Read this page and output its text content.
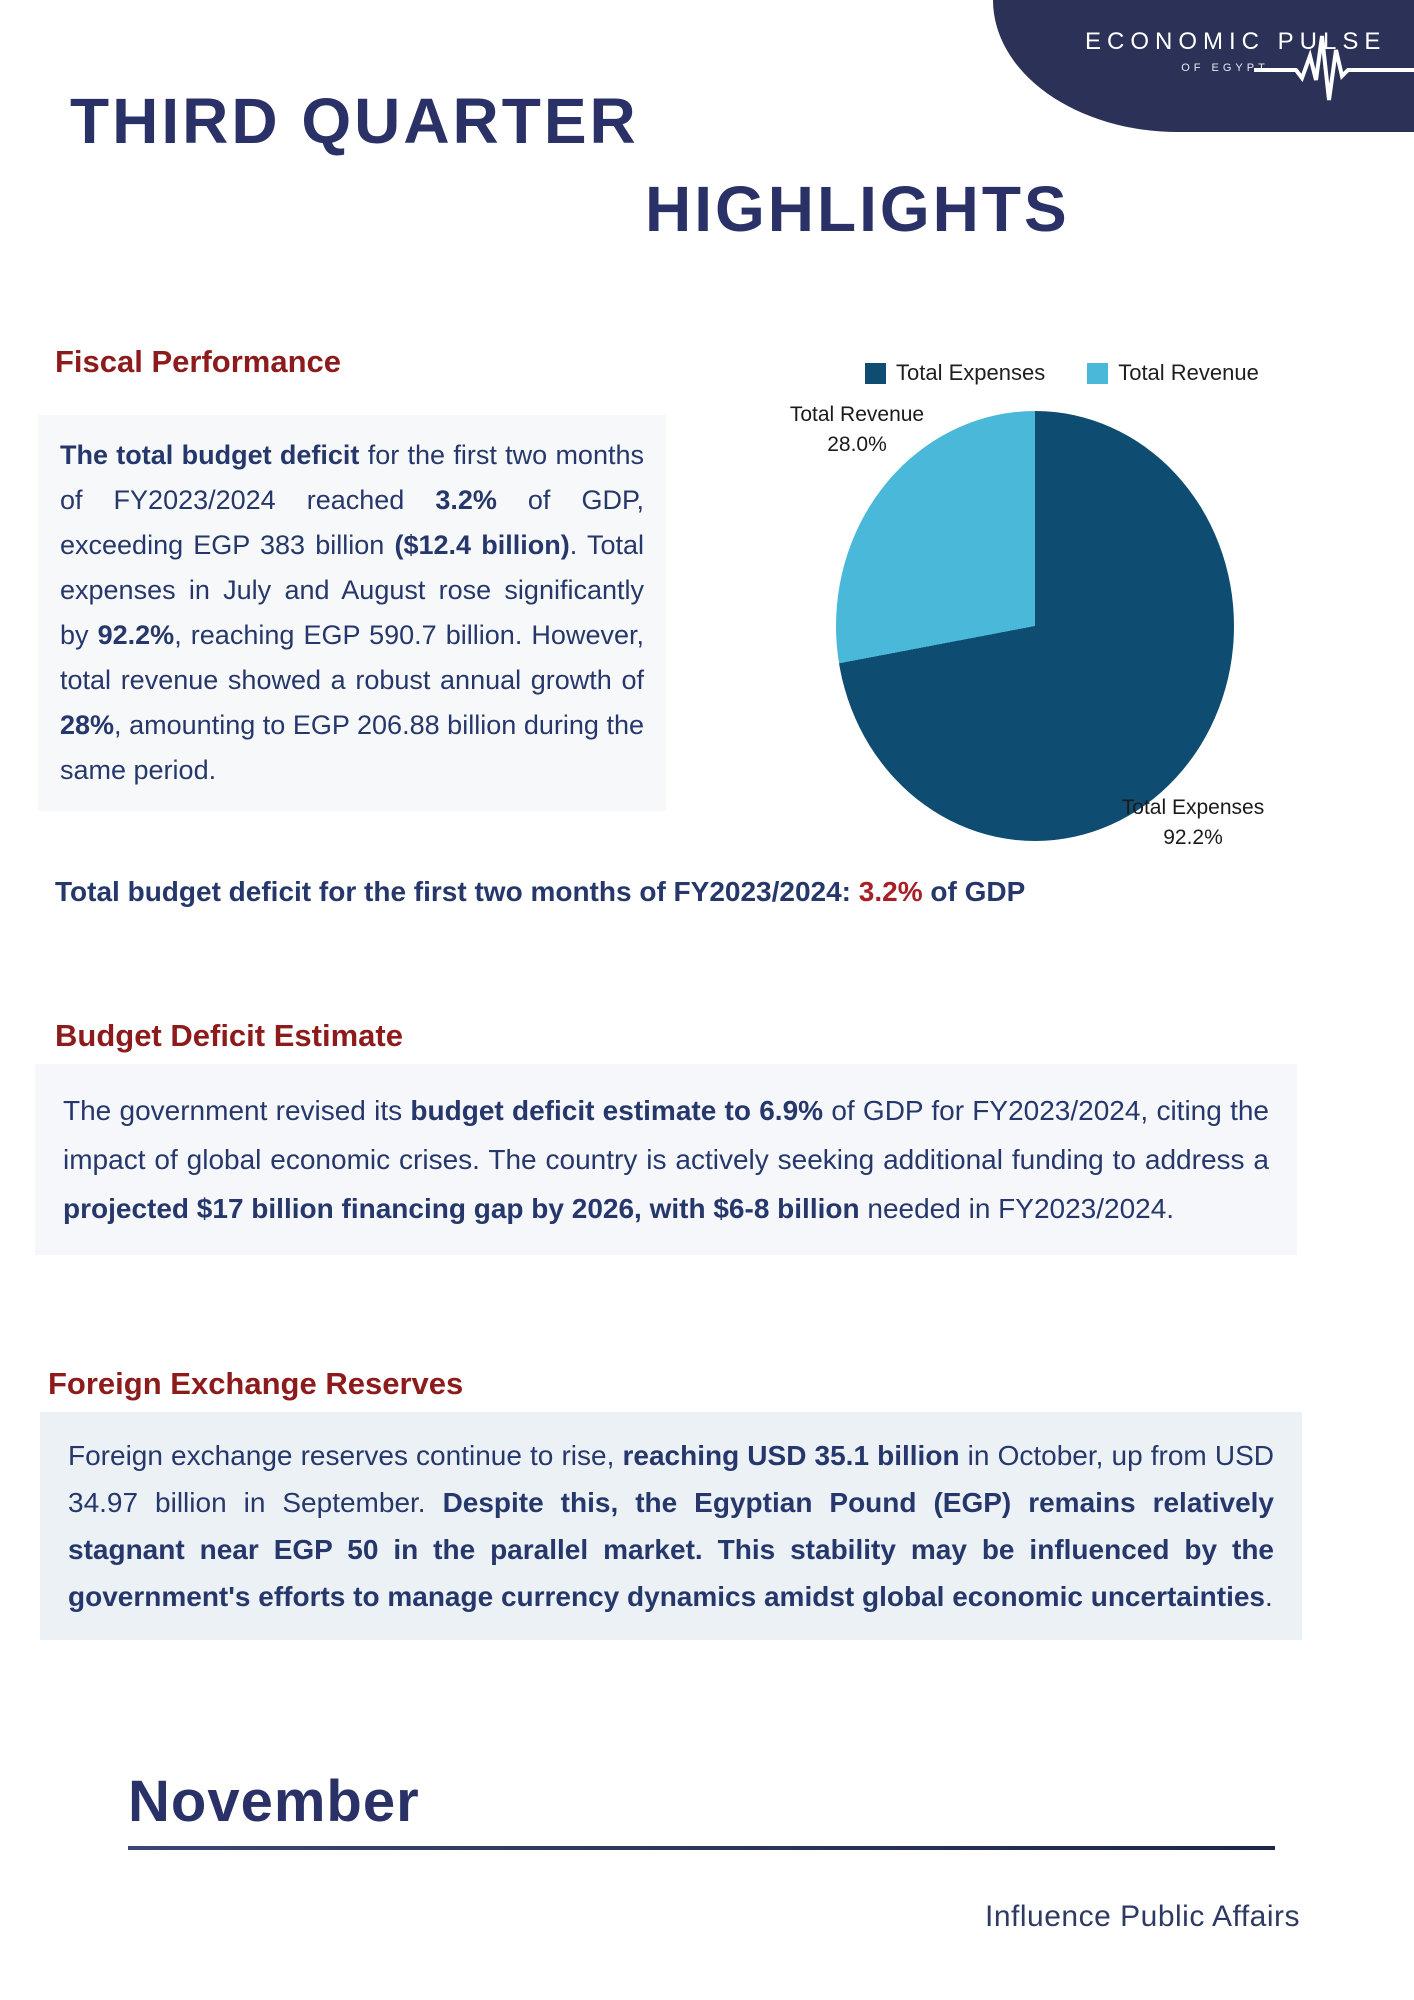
ECONOMIC PULSE
OF EGYPT
THIRD QUARTER
HIGHLIGHTS
Fiscal Performance
The total budget deficit for the first two months of FY2023/2024 reached 3.2% of GDP, exceeding EGP 383 billion ($12.4 billion). Total expenses in July and August rose significantly by 92.2%, reaching EGP 590.7 billion. However, total revenue showed a robust annual growth of 28%, amounting to EGP 206.88 billion during the same period.
Total Expenses	Total Revenue
Total Revenue
28.0%
Total Expenses
92.2%
Total budget deficit for the first two months of FY2023/2024: 3.2% of GDP
Budget Deficit Estimate
The government revised its budget deficit estimate to 6.9% of GDP for FY2023/2024, citing the impact of global economic crises. The country is actively seeking additional funding to address a projected $17 billion financing gap by 2026, with $6-8 billion needed in FY2023/2024.
Foreign Exchange Reserves
Foreign exchange reserves continue to rise, reaching USD 35.1 billion in October, up from USD 34.97 billion in September. Despite this, the Egyptian Pound (EGP) remains relatively stagnant near EGP 50 in the parallel market. This stability may be influenced by the government's efforts to manage currency dynamics amidst global economic uncertainties.
November
Influence Public Affairs
